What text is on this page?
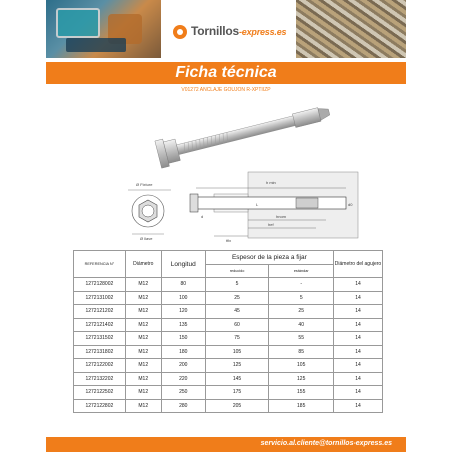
Tornillos-express.es
Ficha técnica
V01272 ANCLAJE GOUJON R-XPTIIZP
Ø Fixture
Ø llave
h min
hnom
hef
tfix
L
d
d0
REFERENCIA N°	Diámetro	Longitud	Espesor de la pieza a fijar		Diámetro del agujero
			reducido	estándar	
1272128002	M12	80	5	-	14
1272131002	M12	100	25	5	14
1272121202	M12	120	45	25	14
1272121402	M12	135	60	40	14
1272131502	M12	150	75	55	14
1272131802	M12	180	105	85	14
1272122002	M12	200	125	105	14
1272132202	M12	220	145	125	14
1272122502	M12	250	175	155	14
1272122802	M12	280	205	185	14
servicio.al.cliente@tornillos-express.es
